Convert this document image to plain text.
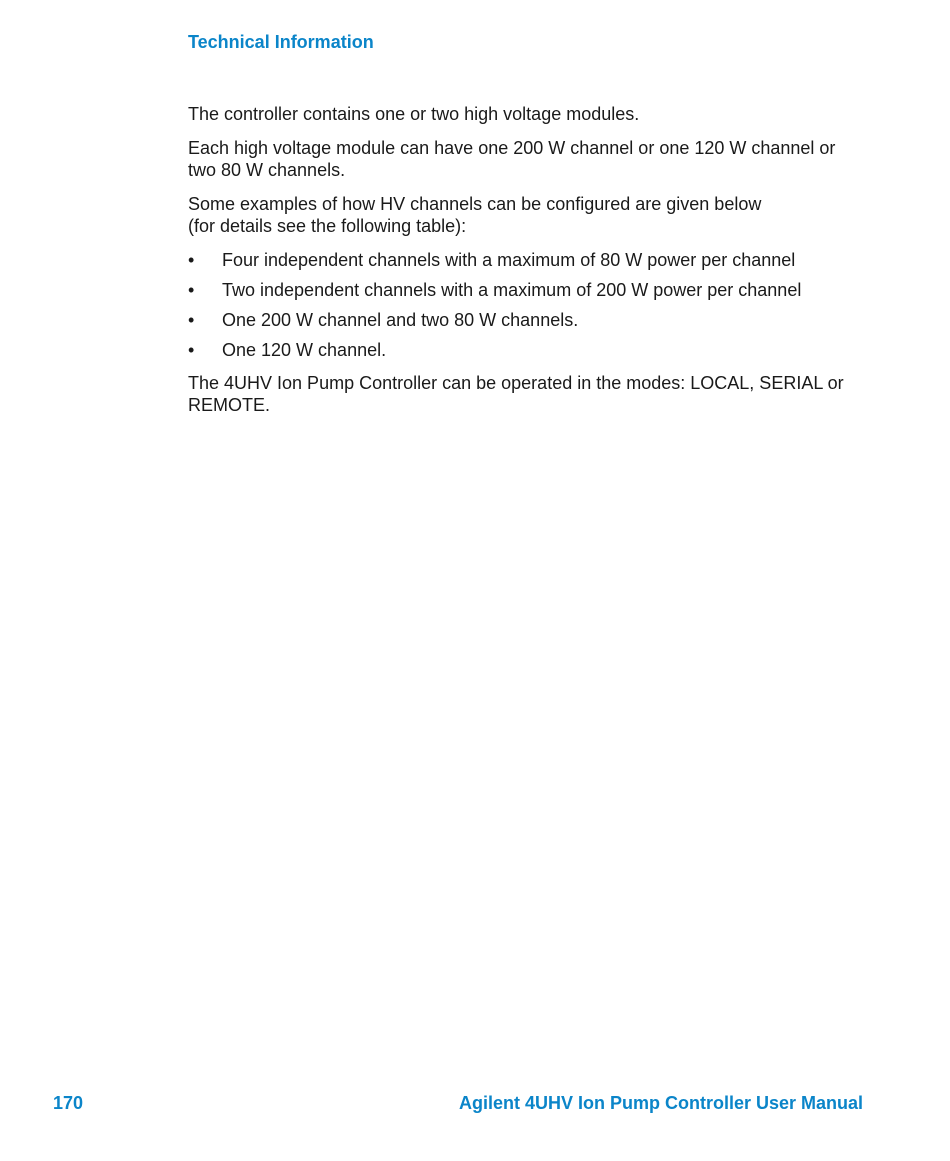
Technical Information

The controller contains one or two high voltage modules.

Each high voltage module can have one 200 W channel or one 120 W channel or
two 80 W channels.

Some examples of how HV channels can be configured are given below
(for details see the following table):

• Four independent channels with a maximum of 80 W power per channel
• Two independent channels with a maximum of 200 W power per channel
• One 200 W channel and two 80 W channels.
• One 120 W channel.

The 4UHV Ion Pump Controller can be operated in the modes: LOCAL, SERIAL or
REMOTE.

170	Agilent 4UHV Ion Pump Controller User Manual
